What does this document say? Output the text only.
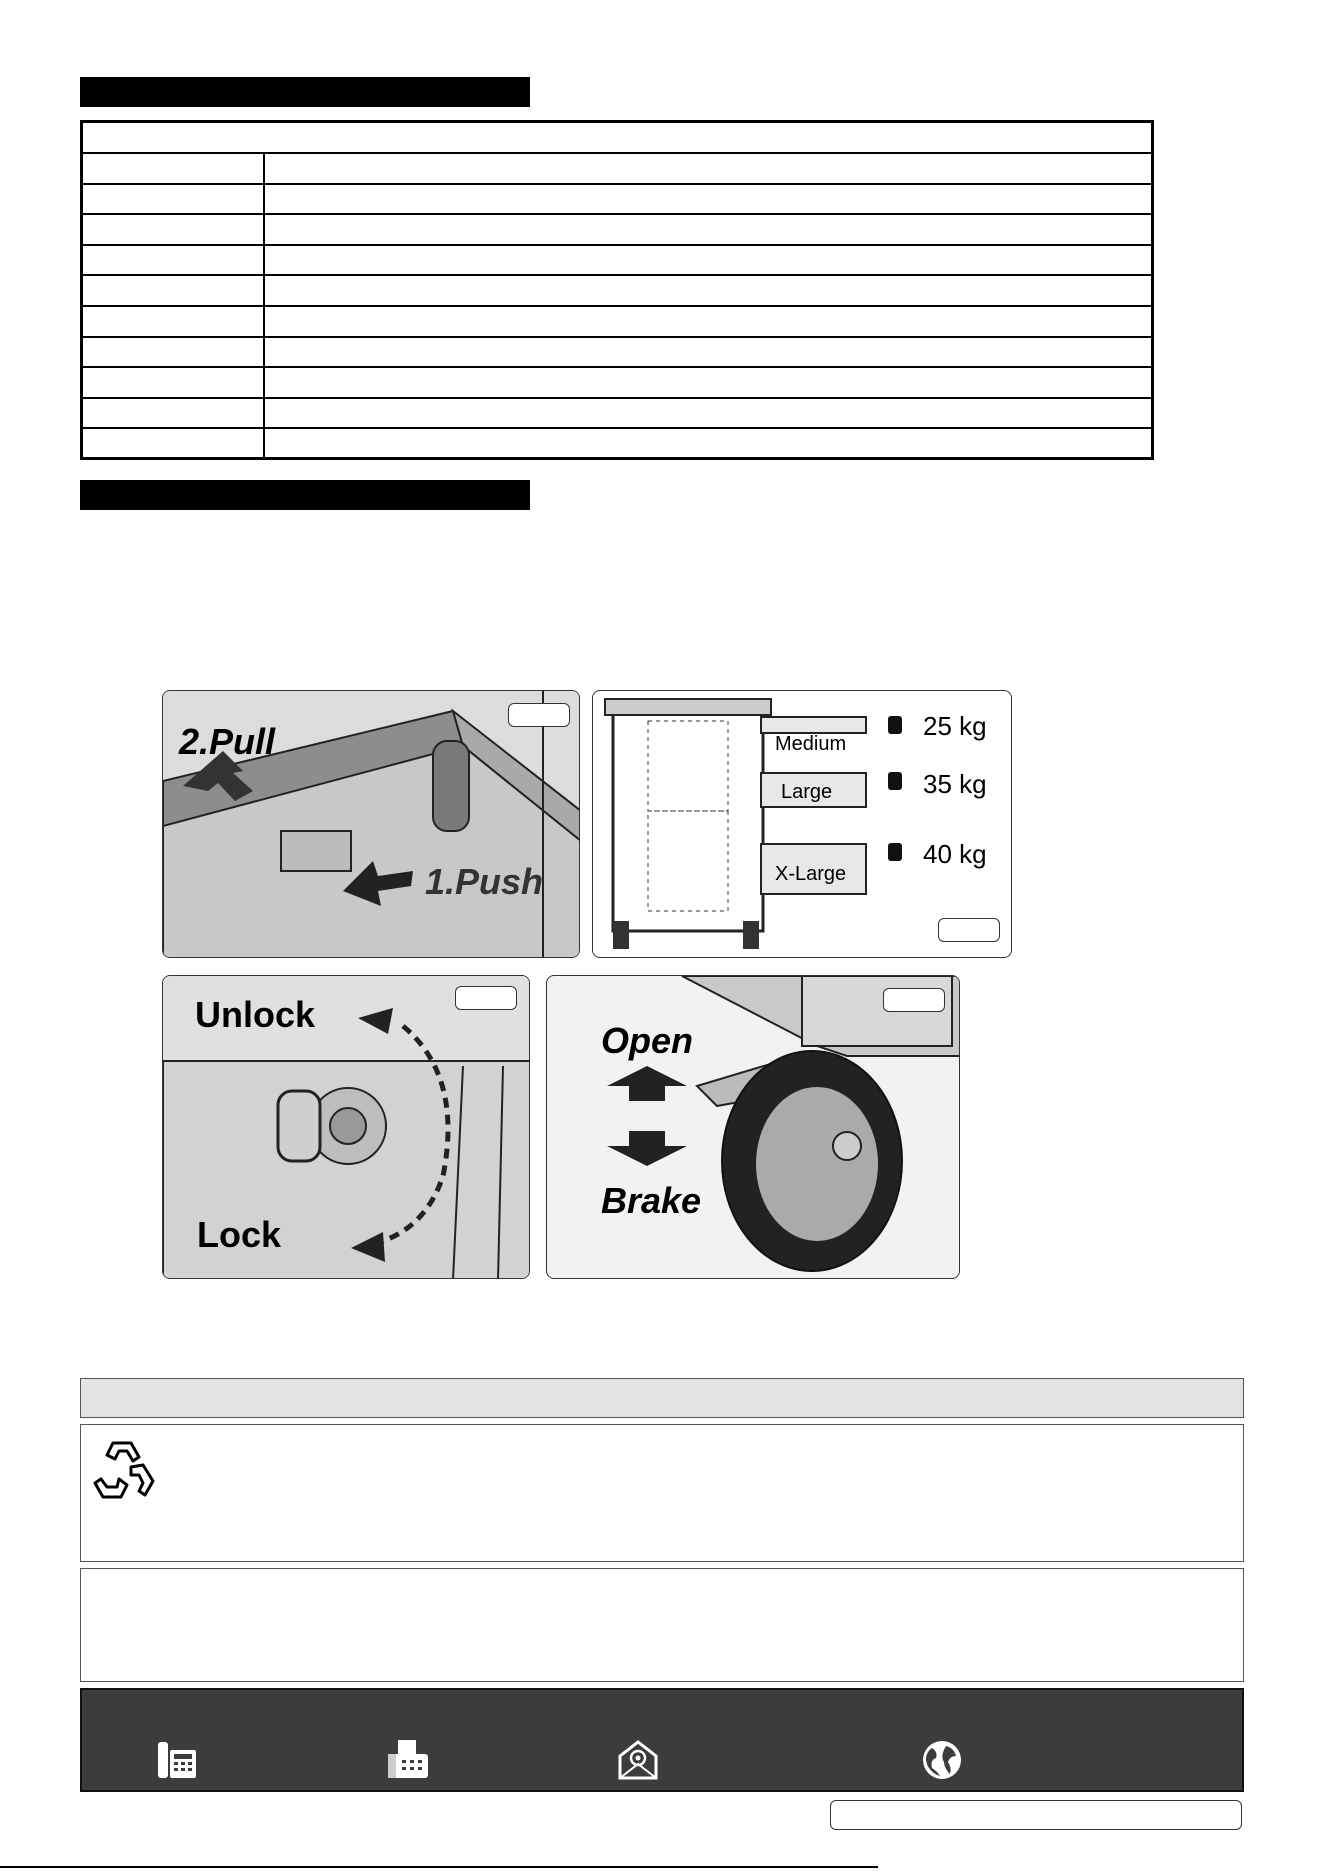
2.Pull
1.Push
Medium
25 kg
Large	35 kg
X-Large
40 kg
Unlock
Lock
Open
Brake
